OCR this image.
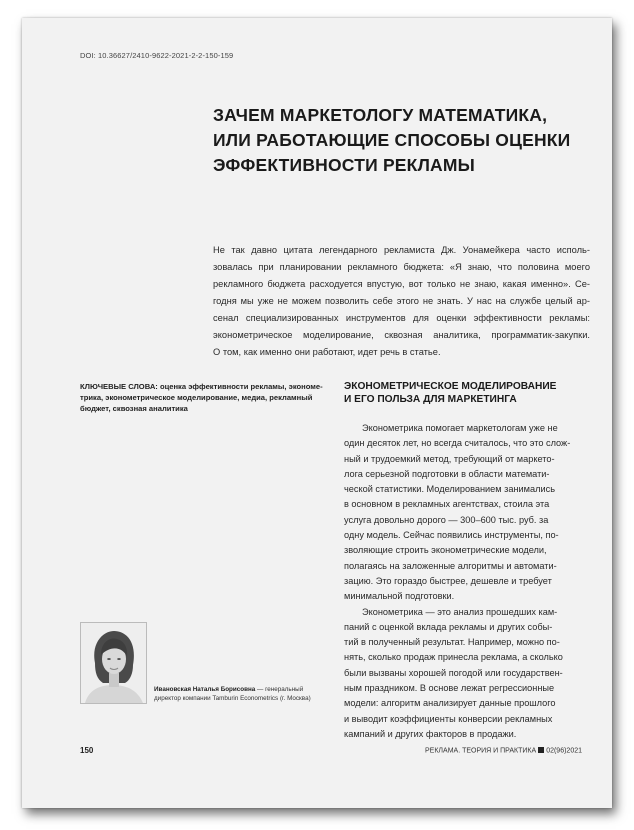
DOI: 10.36627/2410-9622-2021-2-2-150-159
ЗАЧЕМ МАРКЕТОЛОГУ МАТЕМАТИКА,
ИЛИ РАБОТАЮЩИЕ СПОСОБЫ ОЦЕНКИ
ЭФФЕКТИВНОСТИ РЕКЛАМЫ
Не так давно цитата легендарного рекламиста Дж. Уонамейкера часто исполь-
зовалась при планировании рекламного бюджета: «Я знаю, что половина моего
рекламного бюджета расходуется впустую, вот только не знаю, какая именно». Се-
годня мы уже не можем позволить себе этого не знать. У нас на службе целый ар-
сенал специализированных инструментов для оценки эффективности рекламы:
эконометрическое моделирование, сквозная аналитика, программатик-закупки.
О том, как именно они работают, идет речь в статье.
КЛЮЧЕВЫЕ СЛОВА: оценка эффективности рекламы, экономе-
трика, эконометрическое моделирование, медиа, рекламный
бюджет, сквозная аналитика
ЭКОНОМЕТРИЧЕСКОЕ МОДЕЛИРОВАНИЕ
И ЕГО ПОЛЬЗА ДЛЯ МАРКЕТИНГА
Эконометрика помогает маркетологам уже не
один десяток лет, но всегда считалось, что это слож-
ный и трудоемкий метод, требующий от маркето-
лога серьезной подготовки в области математи-
ческой статистики. Моделированием занимались
в основном в рекламных агентствах, стоила эта
услуга довольно дорого — 300–600 тыс. руб. за
одну модель. Сейчас появились инструменты, по-
зволяющие строить эконометрические модели,
полагаясь на заложенные алгоритмы и автомати-
зацию. Это гораздо быстрее, дешевле и требует
минимальной подготовки.
Эконометрика — это анализ прошедших кам-
паний с оценкой вклада рекламы и других собы-
тий в полученный результат. Например, можно по-
нять, сколько продаж принесла реклама, а сколько
были вызваны хорошей погодой или государствен-
ным праздником. В основе лежат регрессионные
модели: алгоритм анализирует данные прошлого
и выводит коэффициенты конверсии рекламных
кампаний и других факторов в продажи.
Ивановская Наталья Борисовна — генеральный
директор компании Tamburin Econometrics (г. Москва)
150	РЕКЛАМА. ТЕОРИЯ И ПРАКТИКА 02(96)2021
